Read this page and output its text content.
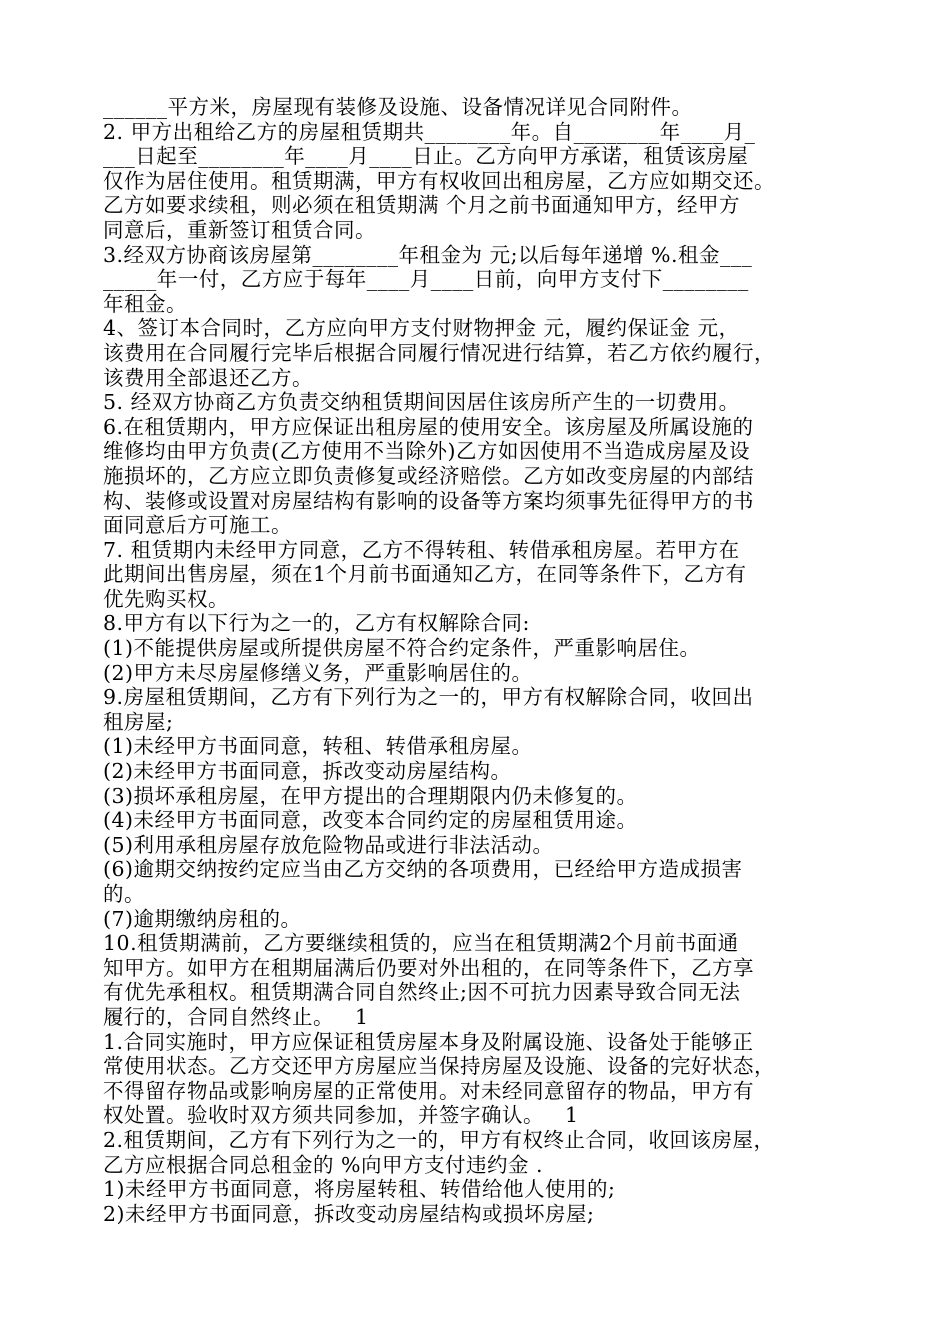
______平方米，房屋现有装修及设施、设备情况详见合同附件。
2. 甲方出租给乙方的房屋租赁期共________年。自________年____月_
___日起至________年____月____日止。乙方向甲方承诺，租赁该房屋
仅作为居住使用。租赁期满，甲方有权收回出租房屋，乙方应如期交还。
乙方如要求续租，则必须在租赁期满 个月之前书面通知甲方，经甲方
同意后，重新签订租赁合同。
3.经双方协商该房屋第________年租金为 元;以后每年递增 %.租金___
_____年一付，乙方应于每年____月____日前，向甲方支付下________
年租金。
4、签订本合同时，乙方应向甲方支付财物押金 元，履约保证金 元，
该费用在合同履行完毕后根据合同履行情况进行结算，若乙方依约履行，
该费用全部退还乙方。
5. 经双方协商乙方负责交纳租赁期间因居住该房所产生的一切费用。
6.在租赁期内，甲方应保证出租房屋的使用安全。该房屋及所属设施的
维修均由甲方负责(乙方使用不当除外)乙方如因使用不当造成房屋及设
施损坏的，乙方应立即负责修复或经济赔偿。乙方如改变房屋的内部结
构、装修或设置对房屋结构有影响的设备等方案均须事先征得甲方的书
面同意后方可施工。
7. 租赁期内未经甲方同意，乙方不得转租、转借承租房屋。若甲方在
此期间出售房屋，须在1个月前书面通知乙方，在同等条件下，乙方有
优先购买权。
8.甲方有以下行为之一的，乙方有权解除合同:
(1)不能提供房屋或所提供房屋不符合约定条件，严重影响居住。
(2)甲方未尽房屋修缮义务，严重影响居住的。
9.房屋租赁期间，乙方有下列行为之一的，甲方有权解除合同，收回出
租房屋;
(1)未经甲方书面同意，转租、转借承租房屋。
(2)未经甲方书面同意，拆改变动房屋结构。
(3)损坏承租房屋，在甲方提出的合理期限内仍未修复的。
(4)未经甲方书面同意，改变本合同约定的房屋租赁用途。
(5)利用承租房屋存放危险物品或进行非法活动。
(6)逾期交纳按约定应当由乙方交纳的各项费用，已经给甲方造成损害
的。
(7)逾期缴纳房租的。
10.租赁期满前，乙方要继续租赁的，应当在租赁期满2个月前书面通
知甲方。如甲方在租期届满后仍要对外出租的，在同等条件下，乙方享
有优先承租权。租赁期满合同自然终止;因不可抗力因素导致合同无法
履行的，合同自然终止。   1
1.合同实施时，甲方应保证租赁房屋本身及附属设施、设备处于能够正
常使用状态。乙方交还甲方房屋应当保持房屋及设施、设备的完好状态，
不得留存物品或影响房屋的正常使用。对未经同意留存的物品，甲方有
权处置。验收时双方须共同参加，并签字确认。   1
2.租赁期间，乙方有下列行为之一的，甲方有权终止合同，收回该房屋，
乙方应根据合同总租金的 %向甲方支付违约金 .
1)未经甲方书面同意，将房屋转租、转借给他人使用的;
2)未经甲方书面同意，拆改变动房屋结构或损坏房屋;
